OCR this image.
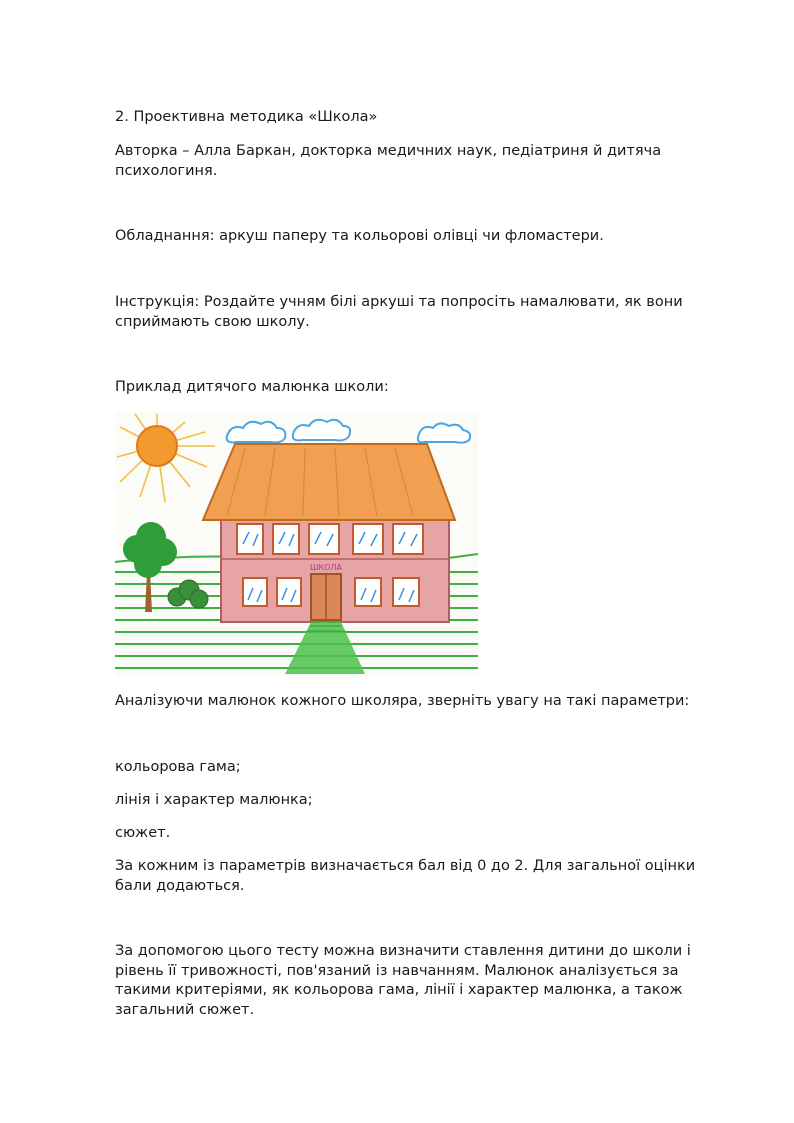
2. Проективна методика «Школа»

Авторка – Алла Баркан, докторка медичних наук, педіатриня й дитяча психологиня.

Обладнання: аркуш паперу та кольорові олівці чи фломастери.

Інструкція: Роздайте учням білі аркуші та попросіть намалювати, як вони сприймають свою школу.

Приклад дитячого малюнка школи:

ШКОЛА

Аналізуючи малюнок кожного школяра, зверніть увагу на такі параметри:

кольорова гама;

лінія і характер малюнка;

сюжет.

За кожним із параметрів визначається бал від 0 до 2. Для загальної оцінки бали додаються.

За допомогою цього тесту можна визначити ставлення дитини до школи і рівень її тривожності, пов'язаний із навчанням. Малюнок аналізується за такими критеріями, як кольорова гама, лінії і характер малюнка, а також загальний сюжет.
